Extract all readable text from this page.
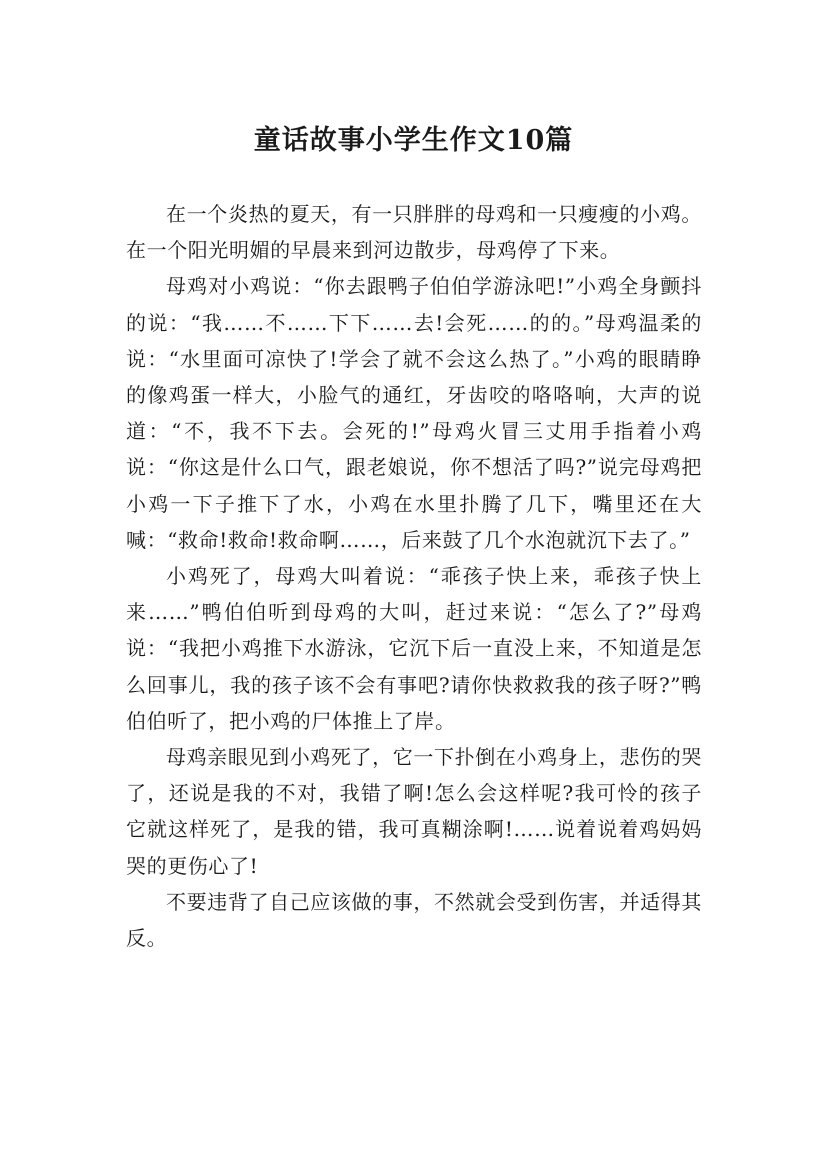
童话故事小学生作文10篇

在一个炎热的夏天，有一只胖胖的母鸡和一只瘦瘦的小鸡。在一个阳光明媚的早晨来到河边散步，母鸡停了下来。

母鸡对小鸡说：“你去跟鸭子伯伯学游泳吧!”小鸡全身颤抖的说：“我……不……下下……去!会死……的的。”母鸡温柔的说：“水里面可凉快了!学会了就不会这么热了。”小鸡的眼睛睁的像鸡蛋一样大，小脸气的通红，牙齿咬的咯咯响，大声的说道：“不，我不下去。会死的!”母鸡火冒三丈用手指着小鸡说：“你这是什么口气，跟老娘说，你不想活了吗?”说完母鸡把小鸡一下子推下了水，小鸡在水里扑腾了几下，嘴里还在大喊：“救命!救命!救命啊……，后来鼓了几个水泡就沉下去了。”

小鸡死了，母鸡大叫着说：“乖孩子快上来，乖孩子快上来……”鸭伯伯听到母鸡的大叫，赶过来说：“怎么了?”母鸡说：“我把小鸡推下水游泳，它沉下后一直没上来，不知道是怎么回事儿，我的孩子该不会有事吧?请你快救救我的孩子呀?”鸭伯伯听了，把小鸡的尸体推上了岸。

母鸡亲眼见到小鸡死了，它一下扑倒在小鸡身上，悲伤的哭了，还说是我的不对，我错了啊!怎么会这样呢?我可怜的孩子它就这样死了，是我的错，我可真糊涂啊!……说着说着鸡妈妈哭的更伤心了!

不要违背了自己应该做的事，不然就会受到伤害，并适得其反。
